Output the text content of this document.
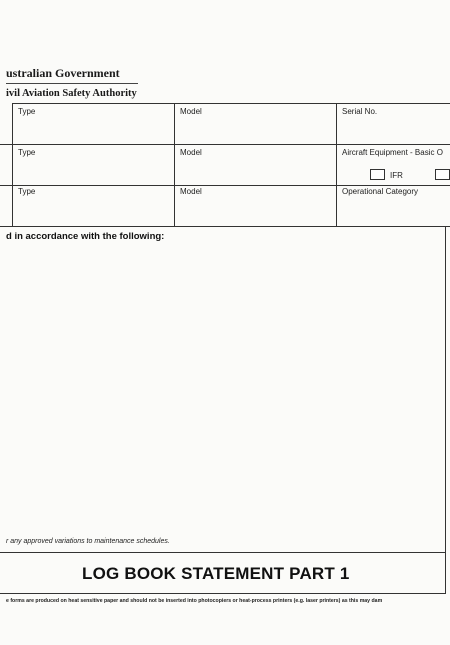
ustralian Government
ivil Aviation Safety Authority
Type	Model	Serial No.
Type	Model	Aircraft Equipment - Basic O
IFR
Type	Model	Operational Category
d in accordance with the following:
r any approved variations to maintenance schedules.
LOG BOOK STATEMENT PART 1
e forms are produced on heat sensitive paper and should not be inserted into photocopiers or heat-process printers (e.g. laser printers) as this may dam
